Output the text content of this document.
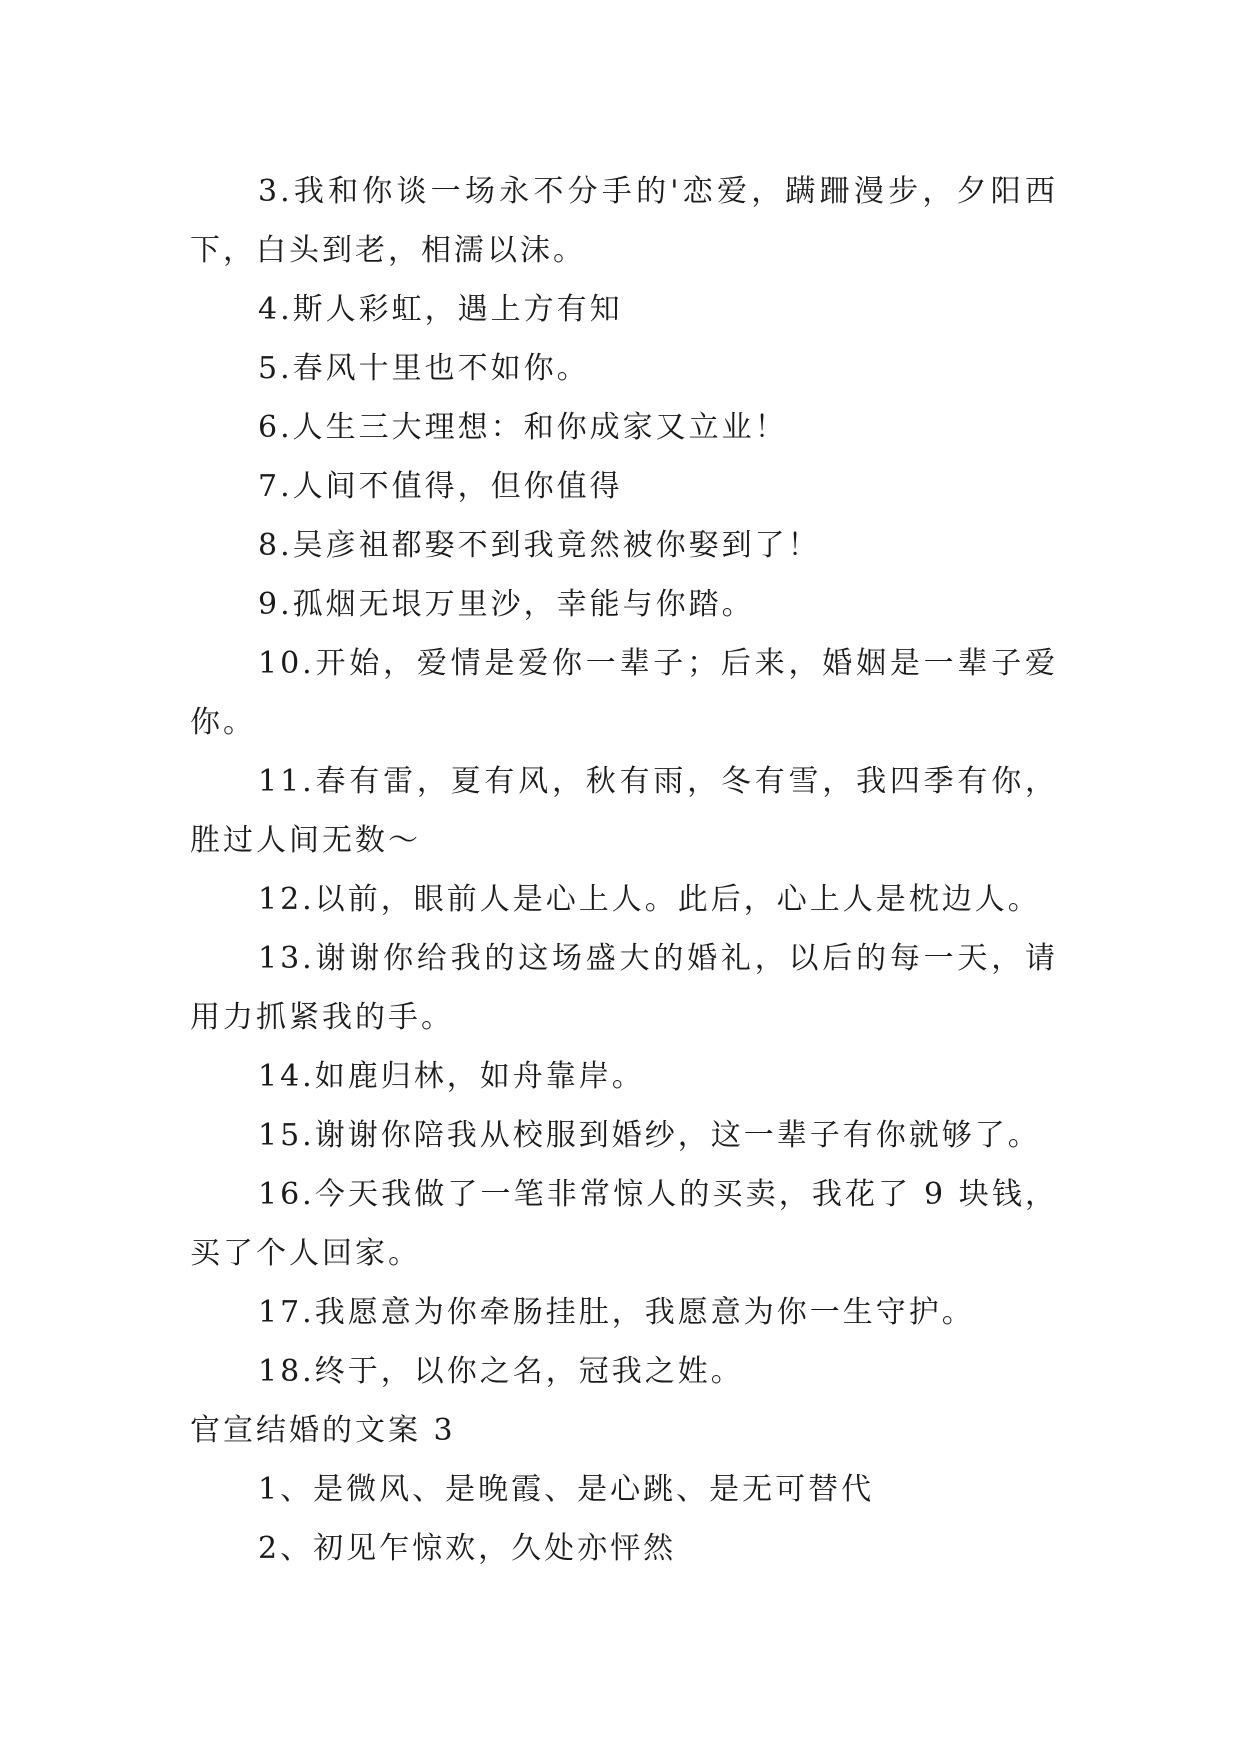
3.我和你谈一场永不分手的'恋爱，蹒跚漫步，夕阳西下，白头到老，相濡以沫。

4.斯人彩虹，遇上方有知

5.春风十里也不如你。

6.人生三大理想：和你成家又立业！

7.人间不值得，但你值得

8.吴彦祖都娶不到我竟然被你娶到了！

9.孤烟无垠万里沙，幸能与你踏。

10.开始，爱情是爱你一辈子；后来，婚姻是一辈子爱你。

11.春有雷，夏有风，秋有雨，冬有雪，我四季有你，胜过人间无数～

12.以前，眼前人是心上人。此后，心上人是枕边人。

13.谢谢你给我的这场盛大的婚礼，以后的每一天，请用力抓紧我的手。

14.如鹿归林，如舟靠岸。

15.谢谢你陪我从校服到婚纱，这一辈子有你就够了。

16.今天我做了一笔非常惊人的买卖，我花了 9 块钱，买了个人回家。

17.我愿意为你牵肠挂肚，我愿意为你一生守护。

18.终于，以你之名，冠我之姓。

官宣结婚的文案 3

1、是微风、是晚霞、是心跳、是无可替代

2、初见乍惊欢，久处亦怦然
